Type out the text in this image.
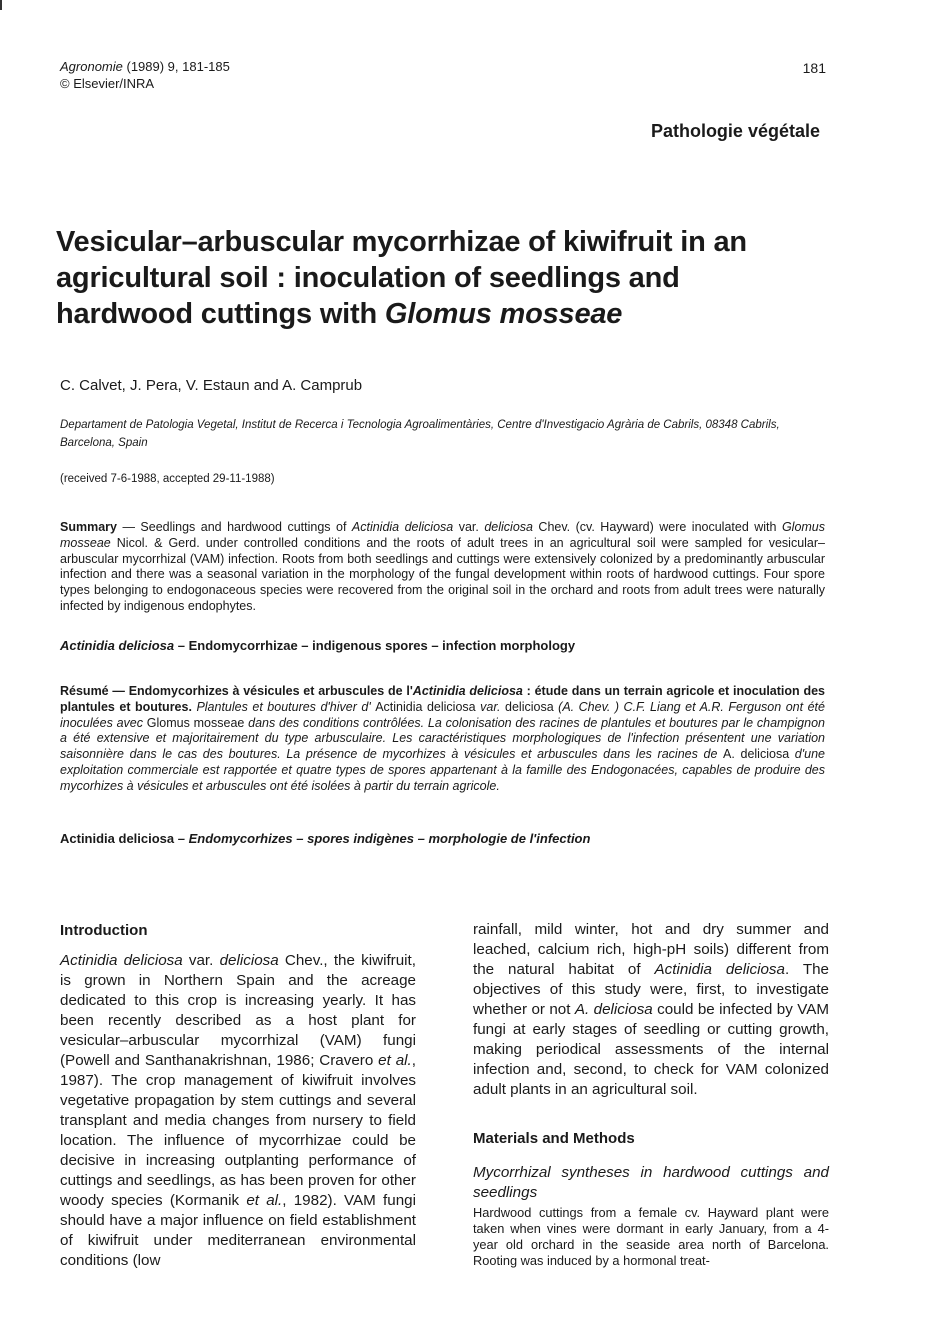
Agronomie (1989) 9, 181-185
© Elsevier/INRA
181
Pathologie végétale
Vesicular–arbuscular mycorrhizae of kiwifruit in an agricultural soil : inoculation of seedlings and hardwood cuttings with Glomus mosseae
C. Calvet, J. Pera, V. Estaun and A. Camprub
Departament de Patologia Vegetal, Institut de Recerca i Tecnologia Agroalimentàries, Centre d'Investigacio Agrària de Cabrils, 08348 Cabrils, Barcelona, Spain
(received 7-6-1988, accepted 29-11-1988)
Summary — Seedlings and hardwood cuttings of Actinidia deliciosa var. deliciosa Chev. (cv. Hayward) were inoculated with Glomus mosseae Nicol. & Gerd. under controlled conditions and the roots of adult trees in an agricultural soil were sampled for vesicular–arbuscular mycorrhizal (VAM) infection. Roots from both seedlings and cuttings were extensively colonized by a predominantly arbuscular infection and there was a seasonal variation in the morphology of the fungal development within roots of hardwood cuttings. Four spore types belonging to endogonaceous species were recovered from the original soil in the orchard and roots from adult trees were naturally infected by indigenous endophytes.
Actinidia deliciosa – Endomycorrhizae – indigenous spores – infection morphology
Résumé — Endomycorhizes à vésicules et arbuscules de l'Actinidia deliciosa : étude dans un terrain agricole et inoculation des plantules et boutures. Plantules et boutures d'hiver d' Actinidia deliciosa var. deliciosa (A. Chev. ) C.F. Liang et A.R. Ferguson ont été inoculées avec Glomus mosseae dans des conditions contrôlées. La colonisation des racines de plantules et boutures par le champignon a été extensive et majoritairement du type arbusculaire. Les caractéristiques morphologiques de l'infection présentent une variation saisonnière dans le cas des boutures. La présence de mycorhizes à vésicules et arbuscules dans les racines de A. deliciosa d'une exploitation commerciale est rapportée et quatre types de spores appartenant à la famille des Endogonacées, capables de produire des mycorhizes à vésicules et arbuscules ont été isolées à partir du terrain agricole.
Actinidia deliciosa – Endomycorhizes – spores indigènes – morphologie de l'infection
Introduction

Actinidia deliciosa var. deliciosa Chev., the kiwifruit, is grown in Northern Spain and the acreage dedicated to this crop is increasing yearly. It has been recently described as a host plant for vesicular–arbuscular mycorrhizal (VAM) fungi (Powell and Santhanakrishnan, 1986; Cravero et al., 1987). The crop management of kiwifruit involves vegetative propagation by stem cuttings and several transplant and media changes from nursery to field location. The influence of mycorrhizae could be decisive in increasing outplanting performance of cuttings and seedlings, as has been proven for other woody species (Kormanik et al., 1982). VAM fungi should have a major influence on field establishment of kiwifruit under mediterranean environmental conditions (low

rainfall, mild winter, hot and dry summer and leached, calcium rich, high-pH soils) different from the natural habitat of Actinidia deliciosa. The objectives of this study were, first, to investigate whether or not A. deliciosa could be infected by VAM fungi at early stages of seedling or cutting growth, making periodical assessments of the internal infection and, second, to check for VAM colonized adult plants in an agricultural soil.

Materials and Methods

Mycorrhizal syntheses in hardwood cuttings and seedlings

Hardwood cuttings from a female cv. Hayward plant were taken when vines were dormant in early January, from a 4-year old orchard in the seaside area north of Barcelona. Rooting was induced by a hormonal treat-
